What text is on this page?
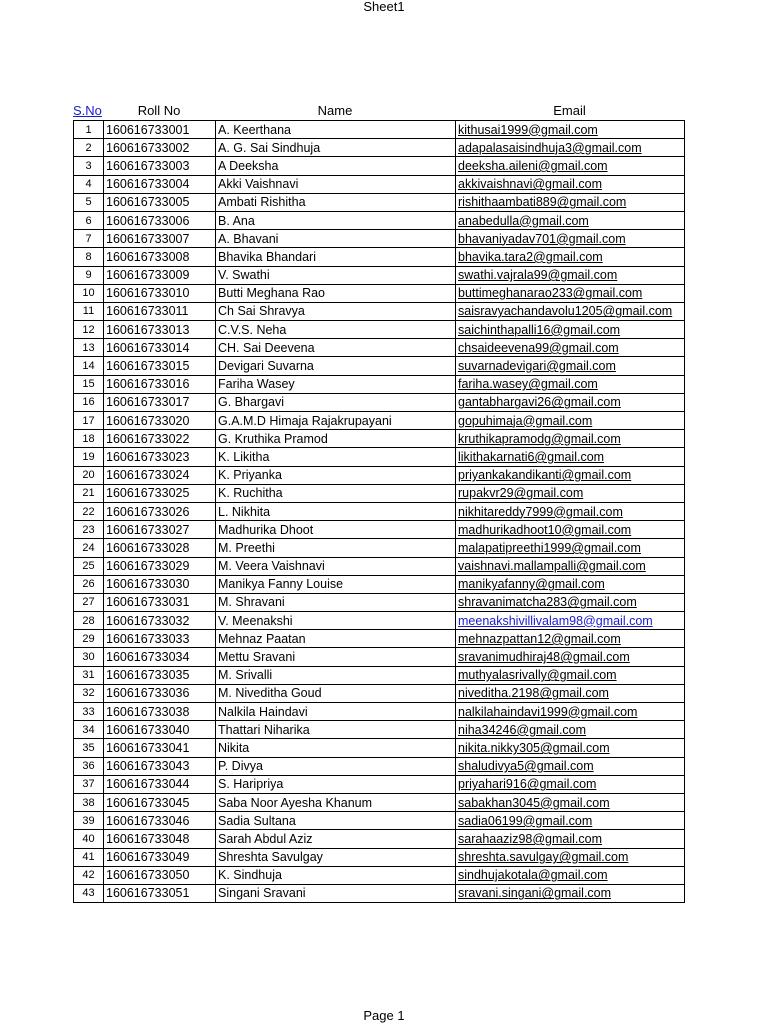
Sheet1
S.No	Roll No	Name	Email
1	160616733001	A. Keerthana	kithusai1999@gmail.com
2	160616733002	A. G. Sai Sindhuja	adapalasaisindhuja3@gmail.com
3	160616733003	A Deeksha	deeksha.aileni@gmail.com
4	160616733004	Akki Vaishnavi	akkivaishnavi@gmail.com
5	160616733005	Ambati Rishitha	rishithaambati889@gmail.com
6	160616733006	B. Ana	anabedulla@gmail.com
7	160616733007	A. Bhavani	bhavaniyadav701@gmail.com
8	160616733008	Bhavika Bhandari	bhavika.tara2@gmail.com
9	160616733009	V. Swathi	swathi.vajrala99@gmail.com
10	160616733010	Butti Meghana Rao	buttimeghanarao233@gmail.com
11	160616733011	Ch Sai Shravya	saisravyachandavolu1205@gmail.com
12	160616733013	C.V.S. Neha	saichinthapalli16@gmail.com
13	160616733014	CH. Sai Deevena	chsaideevena99@gmail.com
14	160616733015	Devigari Suvarna	suvarnadevigari@gmail.com
15	160616733016	Fariha Wasey	fariha.wasey@gmail.com
16	160616733017	G. Bhargavi	gantabhargavi26@gmail.com
17	160616733020	G.A.M.D Himaja Rajakrupayani	gopuhimaja@gmail.com
18	160616733022	G. Kruthika Pramod	kruthikapramodg@gmail.com
19	160616733023	K. Likitha	likithakarnati6@gmail.com
20	160616733024	K. Priyanka	priyankakandikanti@gmail.com
21	160616733025	K. Ruchitha	rupakvr29@gmail.com
22	160616733026	L. Nikhita	nikhitareddy7999@gmail.com
23	160616733027	Madhurika Dhoot	madhurikadhoot10@gmail.com
24	160616733028	M. Preethi	malapatipreethi1999@gmail.com
25	160616733029	M. Veera Vaishnavi	vaishnavi.mallampalli@gmail.com
26	160616733030	Manikya Fanny Louise	manikyafanny@gmail.com
27	160616733031	M. Shravani	shravanimatcha283@gmail.com
28	160616733032	V. Meenakshi	meenakshivillivalam98@gmail.com
29	160616733033	Mehnaz Paatan	mehnazpattan12@gmail.com
30	160616733034	Mettu Sravani	sravanimudhiraj48@gmail.com
31	160616733035	M. Srivalli	muthyalasrivally@gmail.com
32	160616733036	M. Niveditha Goud	niveditha.2198@gmail.com
33	160616733038	Nalkila Haindavi	nalkilahaindavi1999@gmail.com
34	160616733040	Thattari Niharika	niha34246@gmail.com
35	160616733041	Nikita	nikita.nikky305@gmail.com
36	160616733043	P. Divya	shaludivya5@gmail.com
37	160616733044	S. Haripriya	priyahari916@gmail.com
38	160616733045	Saba Noor Ayesha Khanum	sabakhan3045@gmail.com
39	160616733046	Sadia Sultana	sadia06199@gmail.com
40	160616733048	Sarah Abdul Aziz	sarahaaziz98@gmail.com
41	160616733049	Shreshta Savulgay	shreshta.savulgay@gmail.com
42	160616733050	K. Sindhuja	sindhujakotala@gmail.com
43	160616733051	Singani Sravani	sravani.singani@gmail.com
Page 1
